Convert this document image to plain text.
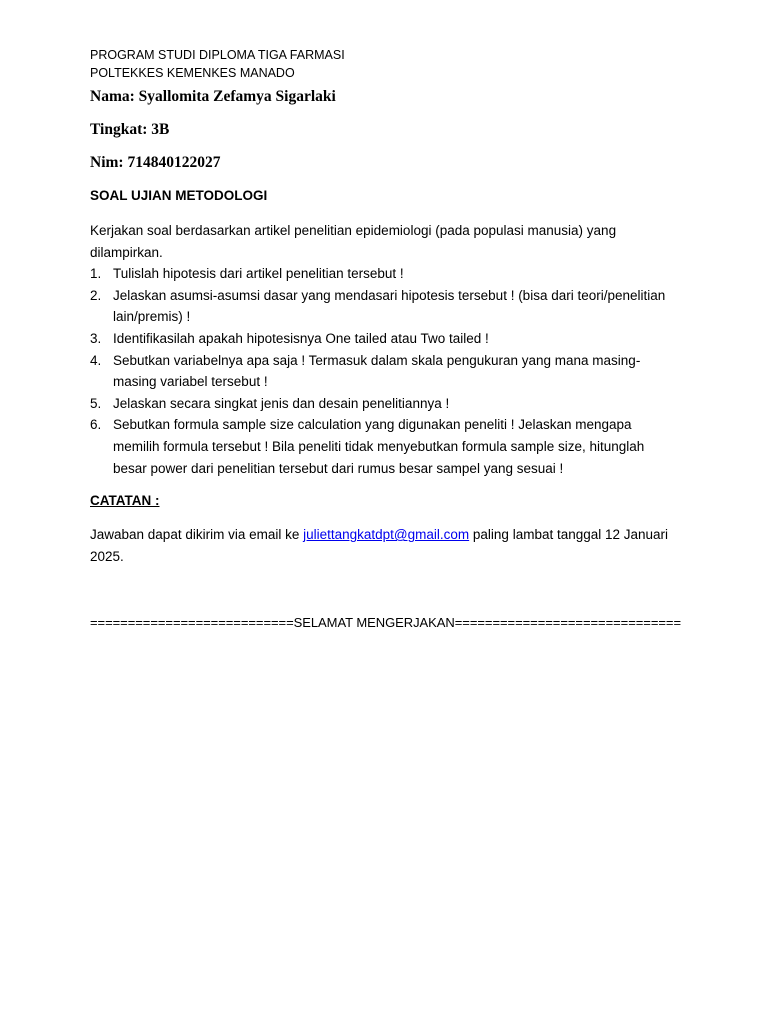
PROGRAM STUDI DIPLOMA TIGA FARMASI
POLTEKKES KEMENKES MANADO
Nama: Syallomita Zefamya Sigarlaki
Tingkat: 3B
Nim: 714840122027
SOAL UJIAN METODOLOGI
Kerjakan soal berdasarkan artikel penelitian epidemiologi (pada populasi manusia) yang dilampirkan.
1. Tulislah hipotesis dari artikel penelitian tersebut !
2. Jelaskan asumsi-asumsi dasar yang mendasari hipotesis tersebut ! (bisa dari teori/penelitian lain/premis) !
3. Identifikasilah apakah hipotesisnya One tailed atau Two tailed !
4. Sebutkan variabelnya apa saja ! Termasuk dalam skala pengukuran yang mana masing-masing variabel tersebut !
5. Jelaskan secara singkat jenis dan desain penelitiannya !
6. Sebutkan formula sample size calculation yang digunakan peneliti ! Jelaskan mengapa memilih formula tersebut ! Bila peneliti tidak menyebutkan formula sample size, hitunglah besar power dari penelitian tersebut dari rumus besar sampel yang sesuai !
CATATAN :
Jawaban dapat dikirim via email ke juliettangkatdpt@gmail.com paling lambat tanggal 12 Januari 2025.
===========================SELAMAT MENGERJAKAN==============================
